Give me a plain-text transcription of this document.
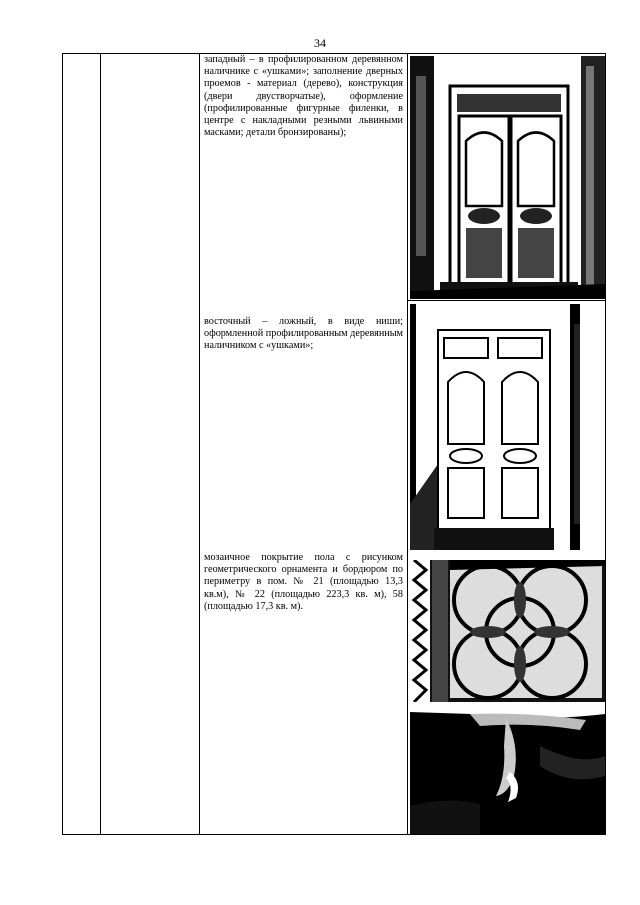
34
западный – в профилированном деревянном наличнике с «ушками»; заполнение дверных проемов - материал (дерево), конструкция (двери двустворчатые), оформление (профилированные фигурные филенки, в центре с накладными резными львиными масками; детали бронзированы);
восточный – ложный, в виде ниши; оформленной профилированным деревянным наличником с «ушками»;
мозаичное покрытие пола с рисунком геометрического орнамента и бордюром по периметру в пом. № 21 (площадью 13,3 кв.м), № 22 (площадью 223,3 кв. м), 58 (площадью 17,3 кв. м).
